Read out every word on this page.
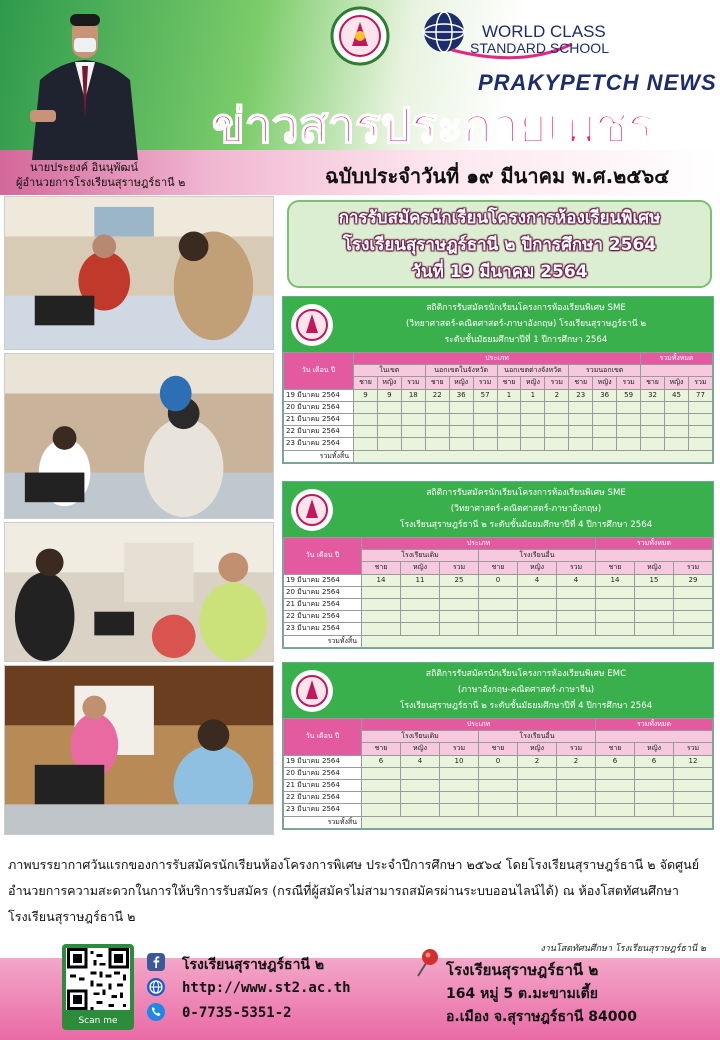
นายประยงค์ อินนุพัฒน์
ผู้อำนวยการโรงเรียนสุราษฎร์ธานี ๒
WORLD CLASS
STANDARD SCHOOL
PRAKYPETCH NEWS
ข่าวสารประกายเพชร
ฉบับประจำวันที่ ๑๙ มีนาคม พ.ศ.๒๕๖๔
การรับสมัครนักเรียนโครงการห้องเรียนพิเศษ
โรงเรียนสุราษฎร์ธานี ๒ ปีการศึกษา 2564
วันที่ 19 มีนาคม 2564
สถิติการรับสมัครนักเรียนโครงการห้องเรียนพิเศษ SME
(วิทยาศาสตร์-คณิตศาสตร์-ภาษาอังกฤษ) โรงเรียนสุราษฎร์ธานี ๒
ระดับชั้นมัธยมศึกษาปีที่ 1 ปีการศึกษา 2564
วัน เดือน ปี	ประเภท												รวมทั้งหมด		
	ในเขต			นอกเขตในจังหวัด			นอกเขตต่างจังหวัด			รวมนอกเขต					
	ชาย	หญิง	รวม	ชาย	หญิง	รวม	ชาย	หญิง	รวม	ชาย	หญิง	รวม	ชาย	หญิง	รวม
19 มีนาคม 2564	9	9	18	22	36	57	1	1	2	23	36	59	32	45	77
20 มีนาคม 2564															
21 มีนาคม 2564															
22 มีนาคม 2564															
23 มีนาคม 2564															
รวมทั้งสิ้น															
สถิติการรับสมัครนักเรียนโครงการห้องเรียนพิเศษ SME
(วิทยาศาสตร์-คณิตศาสตร์-ภาษาอังกฤษ)
โรงเรียนสุราษฎร์ธานี ๒ ระดับชั้นมัธยมศึกษาปีที่ 4 ปีการศึกษา 2564
วัน เดือน ปี	ประเภท						รวมทั้งหมด		
	โรงเรียนเดิม			โรงเรียนอื่น					
	ชาย	หญิง	รวม	ชาย	หญิง	รวม	ชาย	หญิง	รวม
19 มีนาคม 2564	14	11	25	0	4	4	14	15	29
20 มีนาคม 2564									
21 มีนาคม 2564									
22 มีนาคม 2564									
23 มีนาคม 2564									
รวมทั้งสิ้น									
สถิติการรับสมัครนักเรียนโครงการห้องเรียนพิเศษ EMC
(ภาษาอังกฤษ-คณิตศาสตร์-ภาษาจีน)
โรงเรียนสุราษฎร์ธานี ๒ ระดับชั้นมัธยมศึกษาปีที่ 4 ปีการศึกษา 2564
วัน เดือน ปี	ประเภท						รวมทั้งหมด		
	โรงเรียนเดิม			โรงเรียนอื่น					
	ชาย	หญิง	รวม	ชาย	หญิง	รวม	ชาย	หญิง	รวม
19 มีนาคม 2564	6	4	10	0	2	2	6	6	12
20 มีนาคม 2564									
21 มีนาคม 2564									
22 มีนาคม 2564									
23 มีนาคม 2564									
รวมทั้งสิ้น									
ภาพบรรยากาศวันแรกของการรับสมัครนักเรียนห้องโครงการพิเศษ ประจำปีการศึกษา ๒๕๖๔ โดยโรงเรียนสุราษฎร์ธานี ๒ จัดศูนย์อำนวยการความสะดวกในการให้บริการรับสมัคร (กรณีที่ผู้สมัครไม่สามารถสมัครผ่านระบบออนไลน์ได้) ณ ห้องโสตทัศนศึกษา โรงเรียนสุราษฎร์ธานี ๒
งานโสตทัศนศึกษา โรงเรียนสุราษฎร์ธานี ๒
Scan me
โรงเรียนสุราษฎร์ธานี ๒
http://www.st2.ac.th
0-7735-5351-2
โรงเรียนสุราษฎร์ธานี ๒
164 หมู่ 5 ต.มะขามเตี้ย
อ.เมือง จ.สุราษฎร์ธานี 84000
